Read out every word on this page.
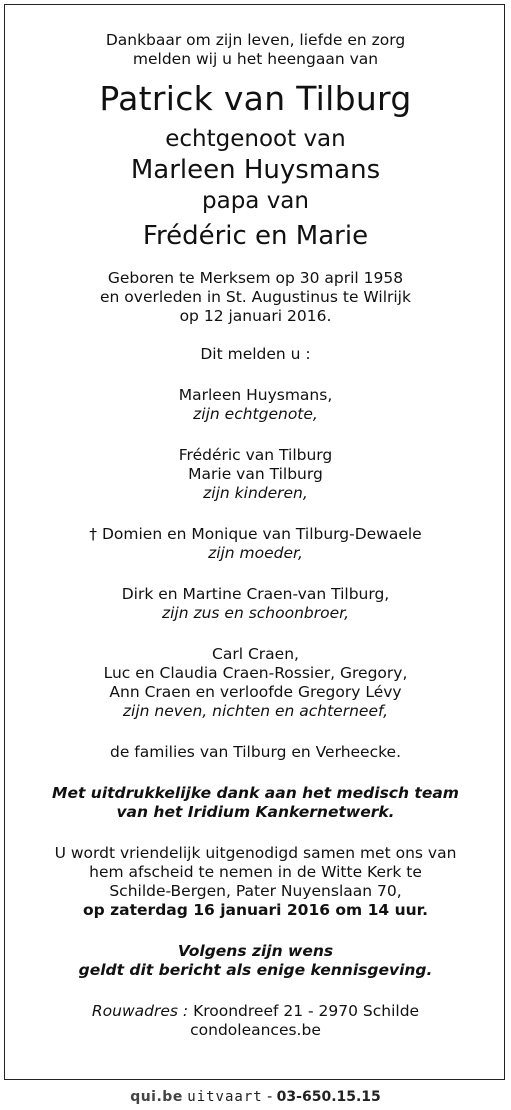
Dankbaar om zijn leven, liefde en zorg
melden wij u het heengaan van
Patrick van Tilburg
echtgenoot van
Marleen Huysmans
papa van
Frédéric en Marie
Geboren te Merksem op 30 april 1958
en overleden in St. Augustinus te Wilrijk
op 12 januari 2016.
Dit melden u :
Marleen Huysmans,
zijn echtgenote,
Frédéric van Tilburg
Marie van Tilburg
zijn kinderen,
† Domien en Monique van Tilburg-Dewaele
zijn moeder,
Dirk en Martine Craen-van Tilburg,
zijn zus en schoonbroer,
Carl Craen,
Luc en Claudia Craen-Rossier, Gregory,
Ann Craen en verloofde Gregory Lévy
zijn neven, nichten en achterneef,
de families van Tilburg en Verheecke.
Met uitdrukkelijke dank aan het medisch team
van het Iridium Kankernetwerk.
U wordt vriendelijk uitgenodigd samen met ons van
hem afscheid te nemen in de Witte Kerk te
Schilde-Bergen, Pater Nuyenslaan 70,
op zaterdag 16 januari 2016 om 14 uur.
Volgens zijn wens
geldt dit bericht als enige kennisgeving.
Rouwadres : Kroondreef 21 - 2970 Schilde
condoleances.be
qui.be uitvaart - 03-650.15.15
